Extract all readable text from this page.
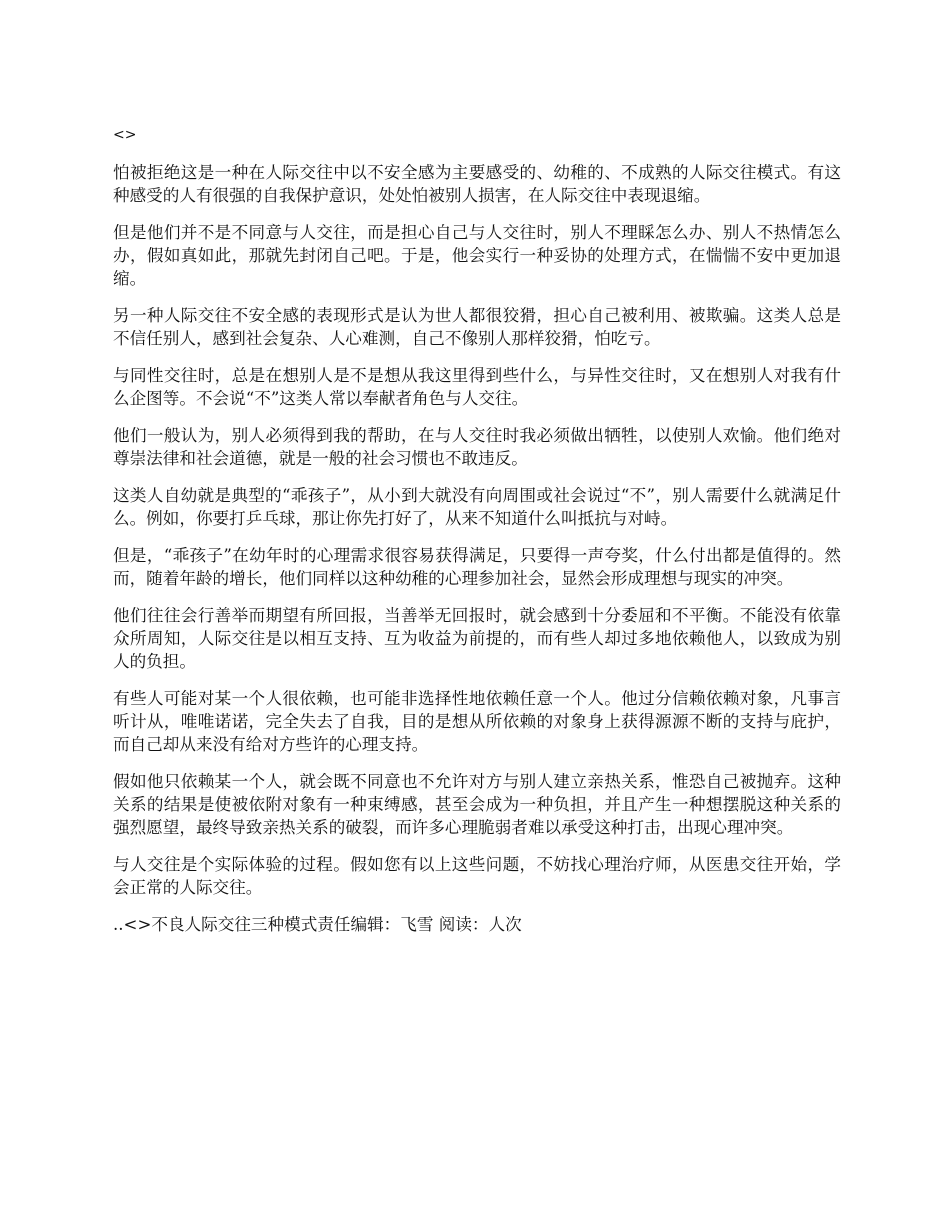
<>

怕被拒绝这是一种在人际交往中以不安全感为主要感受的、幼稚的、不成熟的人际交往模式。有这种感受的人有很强的自我保护意识，处处怕被别人损害，在人际交往中表现退缩。

但是他们并不是不同意与人交往，而是担心自己与人交往时，别人不理睬怎么办、别人不热情怎么办，假如真如此，那就先封闭自己吧。于是，他会实行一种妥协的处理方式，在惴惴不安中更加退缩。

另一种人际交往不安全感的表现形式是认为世人都很狡猾，担心自己被利用、被欺骗。这类人总是不信任别人，感到社会复杂、人心难测，自己不像别人那样狡猾，怕吃亏。

与同性交往时，总是在想别人是不是想从我这里得到些什么，与异性交往时，又在想别人对我有什么企图等。不会说“不”这类人常以奉献者角色与人交往。

他们一般认为，别人必须得到我的帮助，在与人交往时我必须做出牺牲，以使别人欢愉。他们绝对尊崇法律和社会道德，就是一般的社会习惯也不敢违反。

这类人自幼就是典型的“乖孩子”，从小到大就没有向周围或社会说过“不”，别人需要什么就满足什么。例如，你要打乒乓球，那让你先打好了，从来不知道什么叫抵抗与对峙。

但是，“乖孩子”在幼年时的心理需求很容易获得满足，只要得一声夸奖，什么付出都是值得的。然而，随着年龄的增长，他们同样以这种幼稚的心理参加社会，显然会形成理想与现实的冲突。

他们往往会行善举而期望有所回报，当善举无回报时，就会感到十分委屈和不平衡。不能没有依靠众所周知，人际交往是以相互支持、互为收益为前提的，而有些人却过多地依赖他人，以致成为别人的负担。

有些人可能对某一个人很依赖，也可能非选择性地依赖任意一个人。他过分信赖依赖对象，凡事言听计从，唯唯诺诺，完全失去了自我，目的是想从所依赖的对象身上获得源源不断的支持与庇护，而自己却从来没有给对方些许的心理支持。

假如他只依赖某一个人，就会既不同意也不允许对方与别人建立亲热关系，惟恐自己被抛弃。这种关系的结果是使被依附对象有一种束缚感，甚至会成为一种负担，并且产生一种想摆脱这种关系的强烈愿望，最终导致亲热关系的破裂，而许多心理脆弱者难以承受这种打击，出现心理冲突。

与人交往是个实际体验的过程。假如您有以上这些问题，不妨找心理治疗师，从医患交往开始，学会正常的人际交往。

..<>不良人际交往三种模式责任编辑：飞雪 阅读：人次
